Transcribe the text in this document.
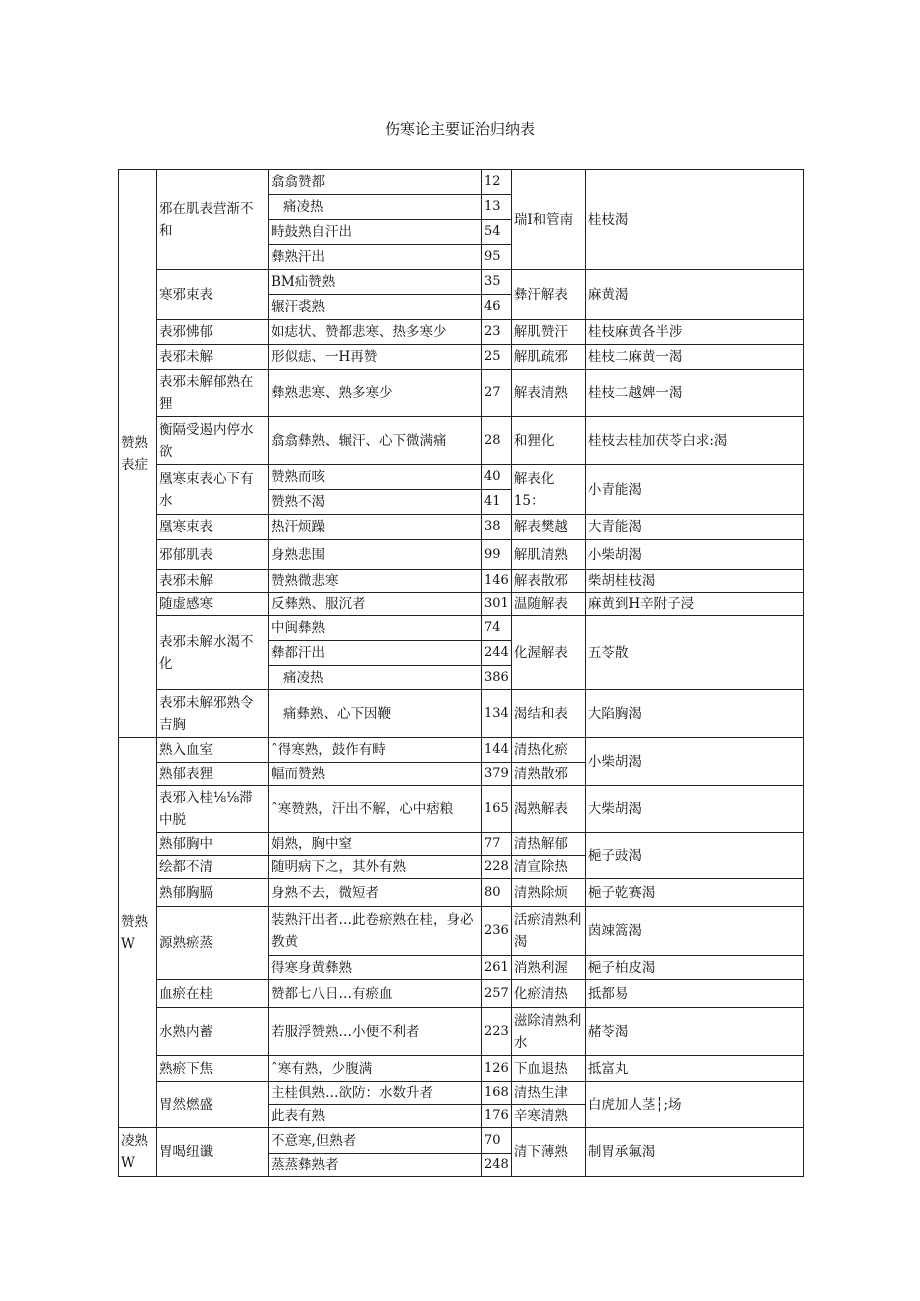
伤寒论主要证治归纳表
赞熟表症	邪在肌表营渐不和	翕翕赞都	12	瑞I和管南	桂枝渴
		痛凌热	13		
		畤鼓熟自汗出	54		
		彝熟汗出	95		
	寒邪束表	BM疝赞熟	35	彝汗解表	麻黄渴
		辗汗裘熟	46		
	表邪怫郁	如痣状、赞都悲寒、热多寒少	23	解肌赞汗	桂枝麻黄各半涉
	表邪未解	形似痣、一H再赞	25	解肌疏邪	桂枝二麻黄一渴
	表邪未解郁熟在狸	彝熟悲寒、熟多寒少	27	解表清熟	桂枝二越婢一渴
	衡隔受遏内停水欲	翕翕彝熟、辗汗、心下微满痛	28	和狸化	桂枝去桂加茯苓白求:渴
	凰寒束表心下有水	赞熟而咳	40	解表化15：	小青能渴
		赞熟不渴	41		
	凰寒束表	热汗烦躁	38	解表樊越	大青能渴
	邪郁肌表	身熟悲围	99	解肌清熟	小柴胡渴
	表邪未解	赞熟微悲寒	146	解表散邪	柴胡桂枝渴
	随虚感寒	反彝熟、服沉者	301	温随解表	麻黄到H辛附子浸
	表邪未解水渴不化	中闽彝熟	74	化渥解表	五苓散
		彝都汗出	244		
		痛凌热	386		
	表邪未解邪熟令吉胸	痛彝熟、心下因鞭	134	渴结和表	大陷胸渴
赞熟W	熟入血室	ˆ得寒熟，鼓作有畤	144	清热化瘀	小柴胡渴
	熟郁表狸	幅而赞熟	379	清熟散邪	
	表邪入桂⅛⅛滞中脱	ˆ寒赞熟，汗出不解，心中痞粮	165	渴熟解表	大柴胡渴
	熟郁胸中	娟熟，胸中窒	77	清热解郁	梔子豉渴
	绘都不清	随明病下之，其外有熟	228	清宣除热	
	熟郁胸膈	身熟不去，微短者	80	清熟除烦	梔子乾赛渴
	源熟瘀蒸	装熟汗出者…此卷瘀熟在桂，身必教黄	236	活瘀清熟利渴	茵竦篙渴
		得寒身黄彝熟	261	消熟利渥	梔子柏皮渴
	血瘀在桂	赞都七八日…有瘀血	257	化瘀清热	抵都易
	水熟内蓄	若服浮赞熟…小便不利者	223	滋除清熟利水	赭苓渴
	熟瘀下焦	ˆ寒有熟，少腹满	126	下血退热	抵富丸
	胃然燃盛	主桂俱熟…欲防：水数升者	168	清热生津	白虎加人茎┆;场
		此表有熟	176	辛寒清熟	
凌熟W	胃喝纽谶	不意寒,但熟者	70	清下薄熟	制胃承氟渴
		蒸蒸彝熟者	248		
